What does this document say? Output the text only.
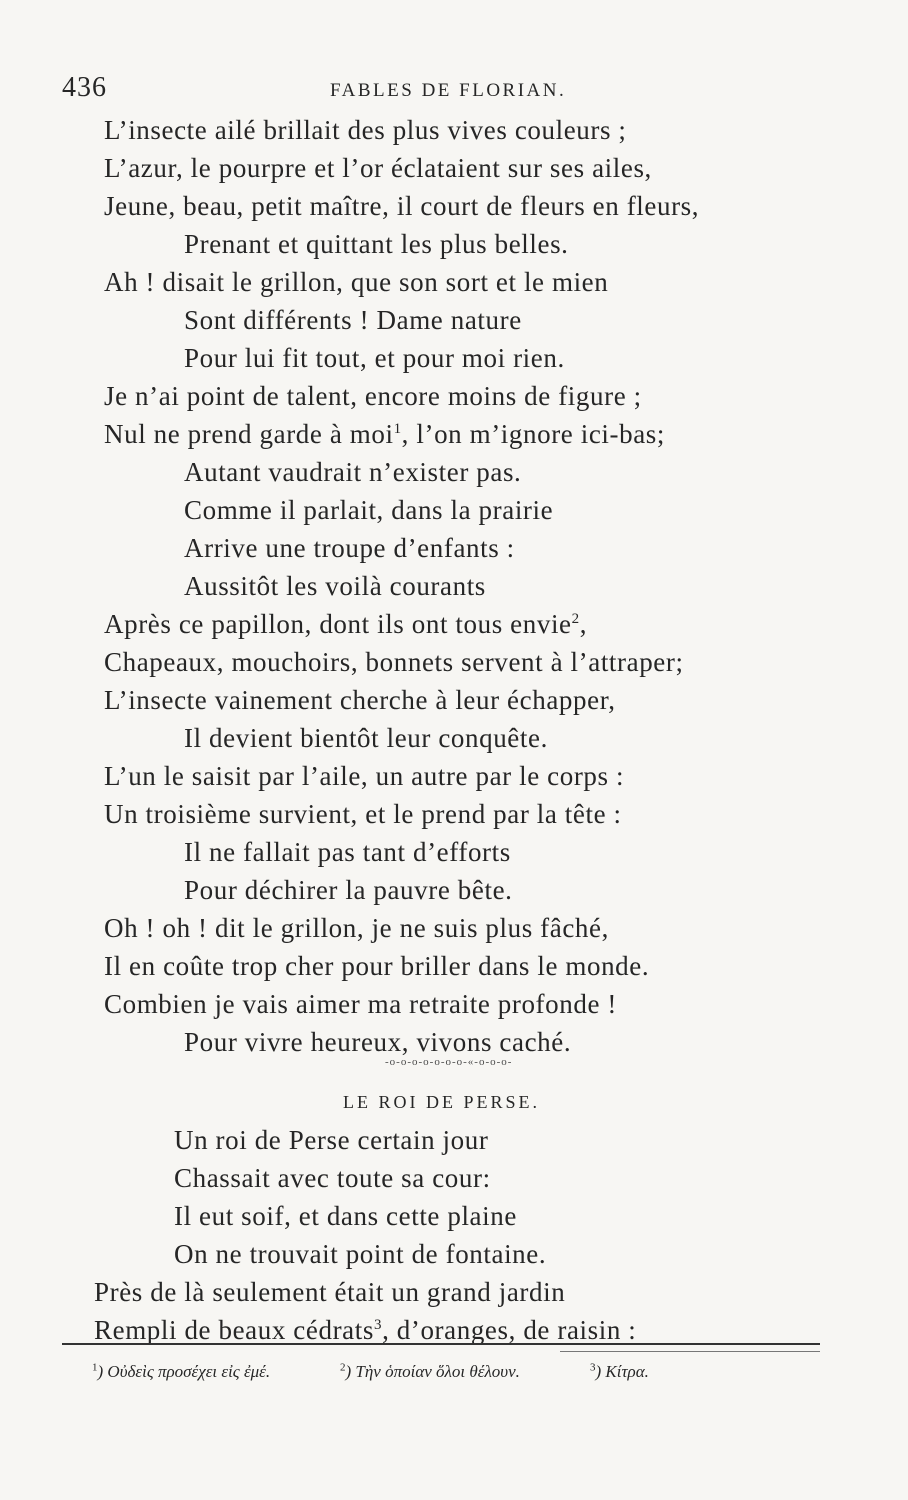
436	FABLES DE FLORIAN.
L’insecte ailé brillait des plus vives couleurs ;
L’azur, le pourpre et l’or éclataient sur ses ailes,
Jeune, beau, petit maître, il court de fleurs en fleurs,
Prenant et quittant les plus belles.
Ah ! disait le grillon, que son sort et le mien
Sont différents ! Dame nature
Pour lui fit tout, et pour moi rien.
Je n’ai point de talent, encore moins de figure ;
Nul ne prend garde à moi$^1$, l’on m’ignore ici-bas;
Autant vaudrait n’exister pas.
Comme il parlait, dans la prairie
Arrive une troupe d’enfants :
Aussitôt les voilà courants
Après ce papillon, dont ils ont tous envie$^2$,
Chapeaux, mouchoirs, bonnets servent à l’attraper;
L’insecte vainement cherche à leur échapper,
Il devient bientôt leur conquête.
L’un le saisit par l’aile, un autre par le corps :
Un troisième survient, et le prend par la tête :
Il ne fallait pas tant d’efforts
Pour déchirer la pauvre bête.
Oh ! oh ! dit le grillon, je ne suis plus fâché,
Il en coûte trop cher pour briller dans le monde.
Combien je vais aimer ma retraite profonde !
Pour vivre heureux, vivons caché.
-o-o-o-o-o-o-o-«-o-o-o-
LE ROI DE PERSE.
Un roi de Perse certain jour
Chassait avec toute sa cour:
Il eut soif, et dans cette plaine
On ne trouvait point de fontaine.
Près de là seulement était un grand jardin
Rempli de beaux cédrats$^3$, d’oranges, de raisin :
$^1$) Οὐδεὶς προσέχει εἰς ἐμέ.	$^2$) Τὴν ὁποίαν ὅλοι θέλουν.	$^3$) Κίτρα.
